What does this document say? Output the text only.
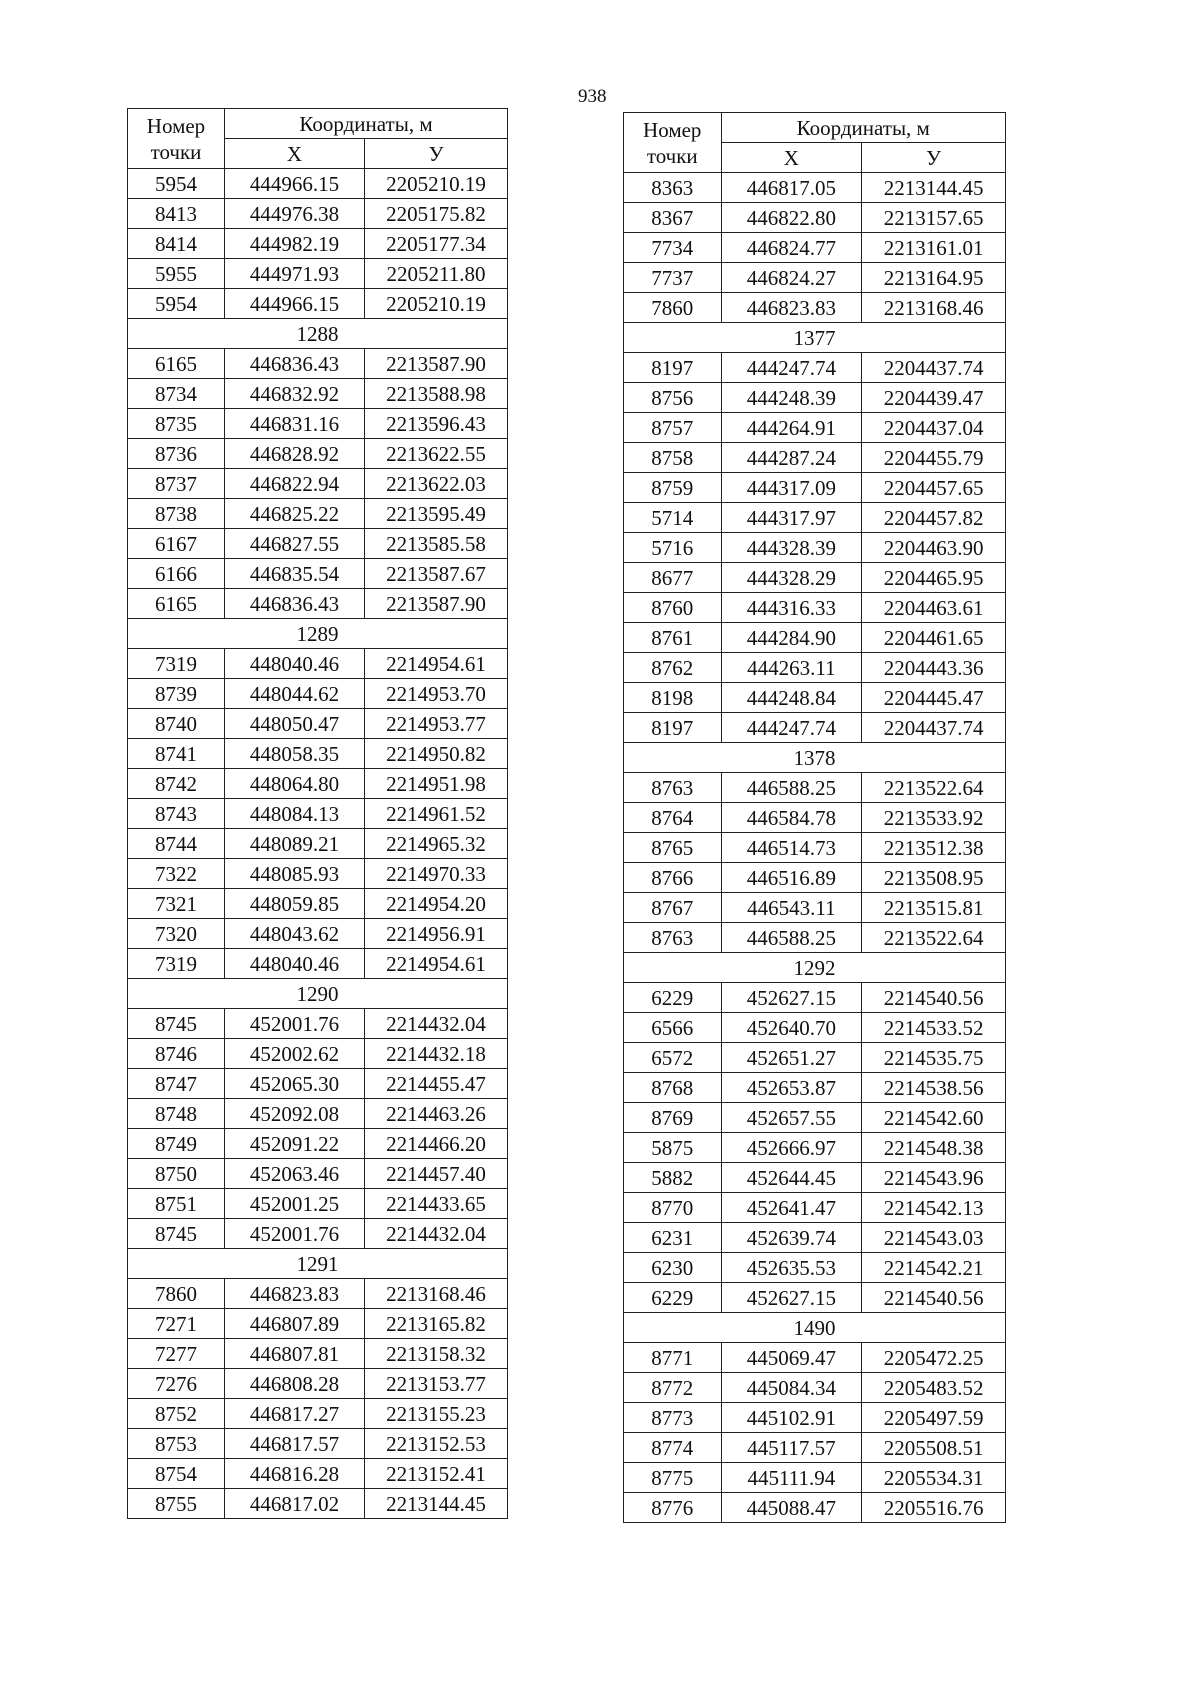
938
Номер точки	Координаты, м	
	X	У
5954	444966.15	2205210.19
8413	444976.38	2205175.82
8414	444982.19	2205177.34
5955	444971.93	2205211.80
5954	444966.15	2205210.19
1288		
6165	446836.43	2213587.90
8734	446832.92	2213588.98
8735	446831.16	2213596.43
8736	446828.92	2213622.55
8737	446822.94	2213622.03
8738	446825.22	2213595.49
6167	446827.55	2213585.58
6166	446835.54	2213587.67
6165	446836.43	2213587.90
1289		
7319	448040.46	2214954.61
8739	448044.62	2214953.70
8740	448050.47	2214953.77
8741	448058.35	2214950.82
8742	448064.80	2214951.98
8743	448084.13	2214961.52
8744	448089.21	2214965.32
7322	448085.93	2214970.33
7321	448059.85	2214954.20
7320	448043.62	2214956.91
7319	448040.46	2214954.61
1290		
8745	452001.76	2214432.04
8746	452002.62	2214432.18
8747	452065.30	2214455.47
8748	452092.08	2214463.26
8749	452091.22	2214466.20
8750	452063.46	2214457.40
8751	452001.25	2214433.65
8745	452001.76	2214432.04
1291		
7860	446823.83	2213168.46
7271	446807.89	2213165.82
7277	446807.81	2213158.32
7276	446808.28	2213153.77
8752	446817.27	2213155.23
8753	446817.57	2213152.53
8754	446816.28	2213152.41
8755	446817.02	2213144.45
Номер точки	Координаты, м	
	X	У
8363	446817.05	2213144.45
8367	446822.80	2213157.65
7734	446824.77	2213161.01
7737	446824.27	2213164.95
7860	446823.83	2213168.46
1377		
8197	444247.74	2204437.74
8756	444248.39	2204439.47
8757	444264.91	2204437.04
8758	444287.24	2204455.79
8759	444317.09	2204457.65
5714	444317.97	2204457.82
5716	444328.39	2204463.90
8677	444328.29	2204465.95
8760	444316.33	2204463.61
8761	444284.90	2204461.65
8762	444263.11	2204443.36
8198	444248.84	2204445.47
8197	444247.74	2204437.74
1378		
8763	446588.25	2213522.64
8764	446584.78	2213533.92
8765	446514.73	2213512.38
8766	446516.89	2213508.95
8767	446543.11	2213515.81
8763	446588.25	2213522.64
1292		
6229	452627.15	2214540.56
6566	452640.70	2214533.52
6572	452651.27	2214535.75
8768	452653.87	2214538.56
8769	452657.55	2214542.60
5875	452666.97	2214548.38
5882	452644.45	2214543.96
8770	452641.47	2214542.13
6231	452639.74	2214543.03
6230	452635.53	2214542.21
6229	452627.15	2214540.56
1490		
8771	445069.47	2205472.25
8772	445084.34	2205483.52
8773	445102.91	2205497.59
8774	445117.57	2205508.51
8775	445111.94	2205534.31
8776	445088.47	2205516.76
